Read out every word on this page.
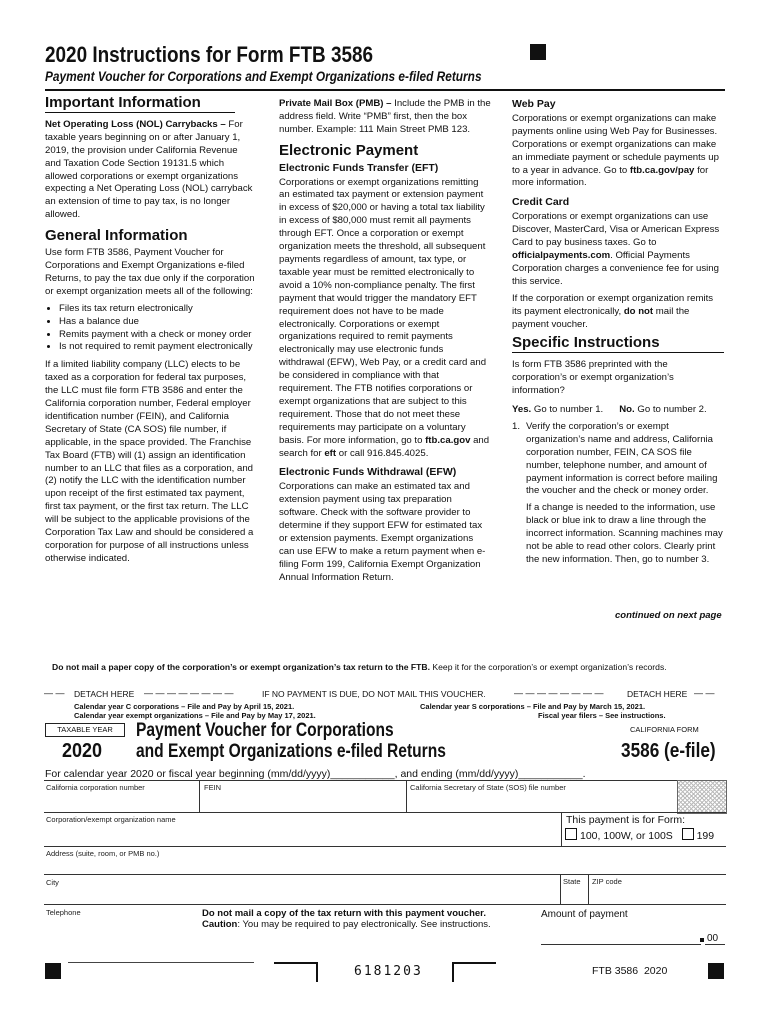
2020 Instructions for Form FTB 3586
Payment Voucher for Corporations and Exempt Organizations e-filed Returns
Important Information

Net Operating Loss (NOL) Carrybacks – For taxable years beginning on or after January 1, 2019, the provision under California Revenue and Taxation Code Section 19131.5 which allowed corporations or exempt organizations expecting a Net Operating Loss (NOL) carryback an extension of time to pay tax, is no longer allowed.

General Information

Use form FTB 3586, Payment Voucher for Corporations and Exempt Organizations e-filed Returns, to pay the tax due only if the corporation or exempt organization meets all of the following:

• Files its tax return electronically
• Has a balance due
• Remits payment with a check or money order
• Is not required to remit payment electronically

If a limited liability company (LLC) elects to be taxed as a corporation for federal tax purposes, the LLC must file form FTB 3586 and enter the California corporation number, Federal employer identification number (FEIN), and California Secretary of State (CA SOS) file number, if applicable, in the space provided. The Franchise Tax Board (FTB) will (1) assign an identification number to an LLC that files as a corporation, and (2) notify the LLC with the identification number upon receipt of the first estimated tax payment, first tax payment, or the first tax return. The LLC will be subject to the applicable provisions of the Corporation Tax Law and should be considered a corporation for purpose of all instructions unless otherwise indicated.

Private Mail Box (PMB) – Include the PMB in the address field. Write “PMB” first, then the box number. Example: 111 Main Street PMB 123.

Electronic Payment
Electronic Funds Transfer (EFT)

Corporations or exempt organizations remitting an estimated tax payment or extension payment in excess of $20,000 or having a total tax liability in excess of $80,000 must remit all payments through EFT. Once a corporation or exempt organization meets the threshold, all subsequent payments regardless of amount, tax type, or taxable year must be remitted electronically to avoid a 10% non-compliance penalty. The first payment that would trigger the mandatory EFT requirement does not have to be made electronically. Corporations or exempt organizations required to remit payments electronically may use electronic funds withdrawal (EFW), Web Pay, or a credit card and be considered in compliance with that requirement. The FTB notifies corporations or exempt organizations that are subject to this requirement. Those that do not meet these requirements may participate on a voluntary basis. For more information, go to ftb.ca.gov and search for eft or call 916.845.4025.

Electronic Funds Withdrawal (EFW)

Corporations can make an estimated tax and extension payment using tax preparation software. Check with the software provider to determine if they support EFW for estimated tax or extension payments. Exempt organizations can use EFW to make a return payment when e-filing Form 199, California Exempt Organization Annual Information Return.

Web Pay

Corporations or exempt organizations can make payments online using Web Pay for Businesses. Corporations or exempt organizations can make an immediate payment or schedule payments up to a year in advance. Go to ftb.ca.gov/pay for more information.

Credit Card

Corporations or exempt organizations can use Discover, MasterCard, Visa or American Express Card to pay business taxes. Go to officialpayments.com. Official Payments Corporation charges a convenience fee for using this service.

If the corporation or exempt organization remits its payment electronically, do not mail the payment voucher.

Specific Instructions

Is form FTB 3586 preprinted with the corporation’s or exempt organization’s information?

Yes. Go to number 1. No. Go to number 2.

1. Verify the corporation’s or exempt organization’s name and address, California corporation number, FEIN, CA SOS file number, telephone number, and amount of payment information is correct before mailing the voucher and the check or money order.

If a change is needed to the information, use black or blue ink to draw a line through the incorrect information. Scanning machines may not be able to read other colors. Clearly print the new information. Then, go to number 3.

continued on next page
Do not mail a paper copy of the corporation’s or exempt organization’s tax return to the FTB. Keep it for the corporation’s or exempt organization’s records.
— — DETACH HERE — — — — — — — —	IF NO PAYMENT IS DUE, DO NOT MAIL THIS VOUCHER.	— — — — — — — —	DETACH HERE — —
Calendar year C corporations – File and Pay by April 15, 2021.
Calendar year exempt organizations – File and Pay by May 17, 2021.
Calendar year S corporations – File and Pay by March 15, 2021.
Fiscal year filers – See instructions.
TAXABLE YEAR
2020
Payment Voucher for Corporations
and Exempt Organizations e-filed Returns
CALIFORNIA FORM
3586 (e-file)
For calendar year 2020 or fiscal year beginning (mm/dd/yyyy)___________, and ending (mm/dd/yyyy)___________.
California corporation number	FEIN	California Secretary of State (SOS) file number
Corporation/exempt organization name	This payment is for Form:
100, 100W, or 100S 199
Address (suite, room, or PMB no.)
City	State ZIP code
Telephone	Do not mail a copy of the tax return with this payment voucher.
Caution: You may be required to pay electronically. See instructions.
Amount of payment
00
6181203	FTB 3586  2020
